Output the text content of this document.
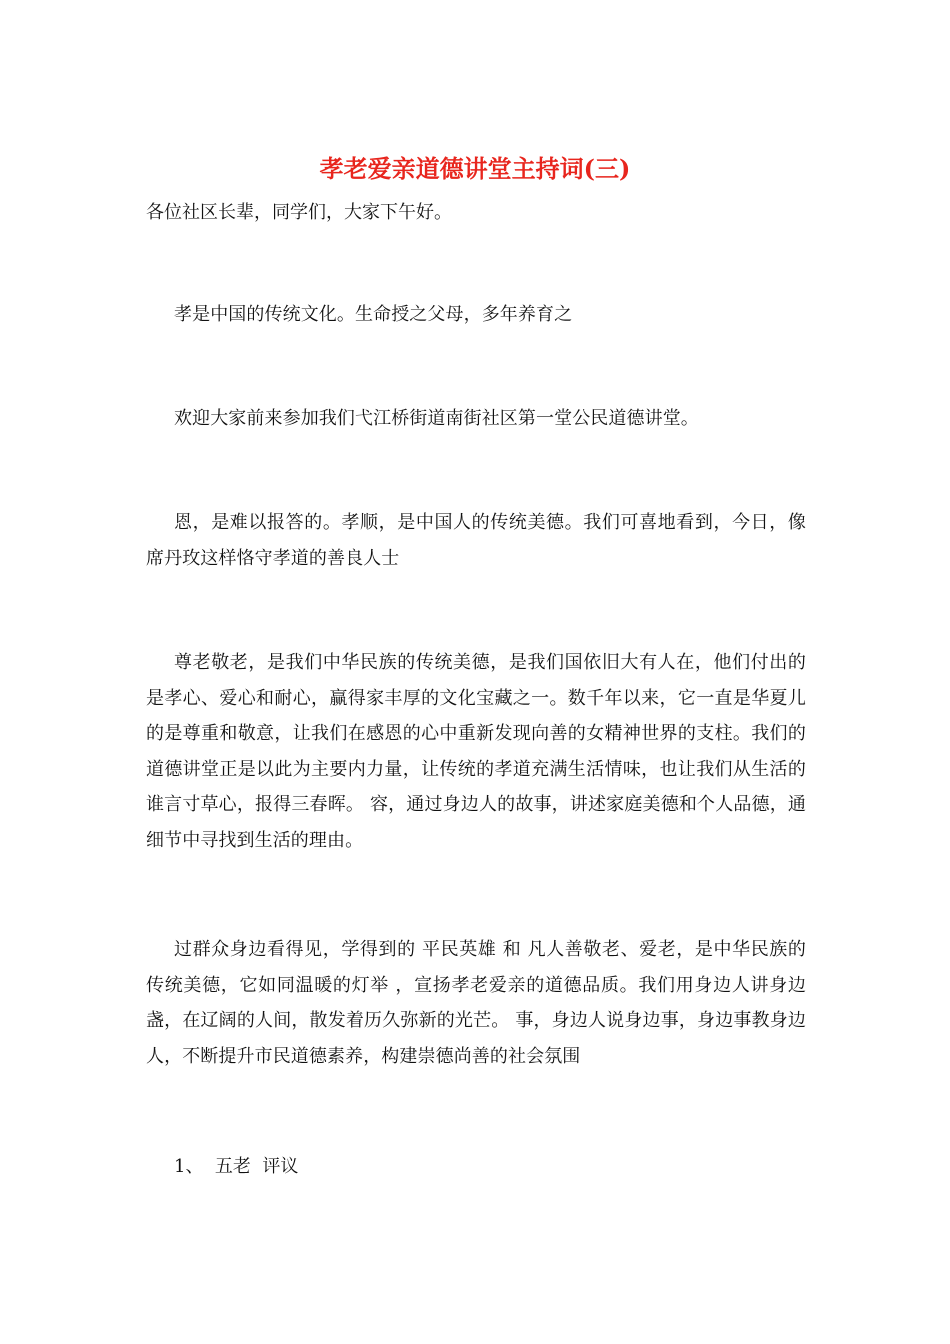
孝老爱亲道德讲堂主持词(三)

各位社区长辈，同学们，大家下午好。

孝是中国的传统文化。生命授之父母，多年养育之

欢迎大家前来参加我们弋江桥街道南街社区第一堂公民道德讲堂。

恩，是难以报答的。孝顺，是中国人的传统美德。我们可喜地看到，今日，像席丹玫这样恪守孝道的善良人士

尊老敬老，是我们中华民族的传统美德，是我们国依旧大有人在，他们付出的是孝心、爱心和耐心，赢得家丰厚的文化宝藏之一。数千年以来，它一直是华夏儿的是尊重和敬意，让我们在感恩的心中重新发现向善的女精神世界的支柱。我们的道德讲堂正是以此为主要内力量，让传统的孝道充满生活情味，也让我们从生活的 谁言寸草心，报得三春晖。 容，通过身边人的故事，讲述家庭美德和个人品德，通细节中寻找到生活的理由。

过群众身边看得见，学得到的 平民英雄 和 凡人善敬老、爱老，是中华民族的传统美德，它如同温暖的灯举 ，宣扬孝老爱亲的道德品质。我们用身边人讲身边盏，在辽阔的人间，散发着历久弥新的光芒。 事，身边人说身边事，身边事教身边人，不断提升市民道德素养，构建崇德尚善的社会氛围

1、  五老  评议
